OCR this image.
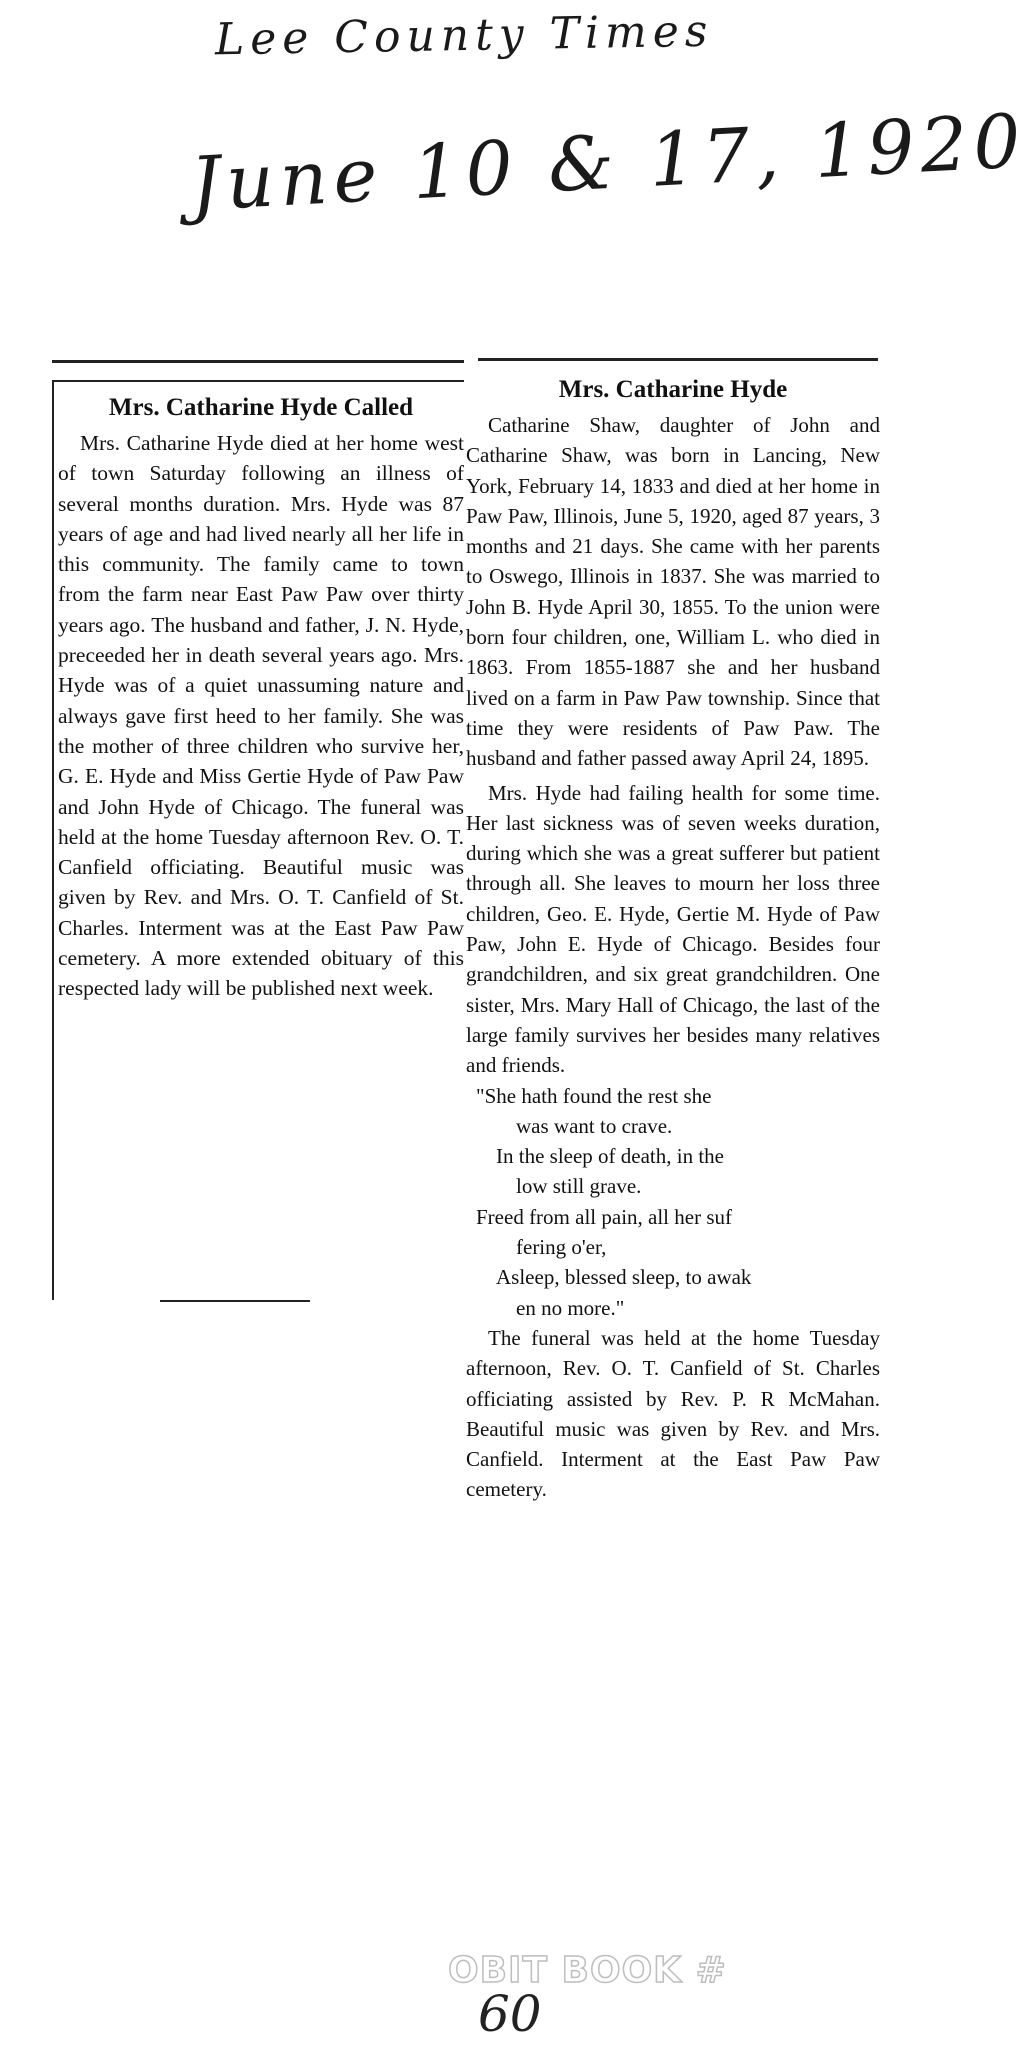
Lee County Times
June 10 & 17, 1920

Mrs. Catharine Hyde Called

Mrs. Catharine Hyde died at her home west of town Saturday following an illness of several months duration. Mrs. Hyde was 87 years of age and had lived nearly all her life in this community. The family came to town from the farm near East Paw Paw over thirty years ago. The husband and father, J. N. Hyde, preceeded her in death several years ago. Mrs. Hyde was of a quiet unassuming nature and always gave first heed to her family. She was the mother of three children who survive her, G. E. Hyde and Miss Gertie Hyde of Paw Paw and John Hyde of Chicago. The funeral was held at the home Tuesday afternoon Rev. O. T. Canfield officiating. Beautiful music was given by Rev. and Mrs. O. T. Canfield of St. Charles. Interment was at the East Paw Paw cemetery. A more extended obituary of this respected lady will be published next week.

Mrs. Catharine Hyde

Catharine Shaw, daughter of John and Catharine Shaw, was born in Lancing, New York, February 14, 1833 and died at her home in Paw Paw, Illinois, June 5, 1920, aged 87 years, 3 months and 21 days. She came with her parents to Oswego, Illinois in 1837. She was married to John B. Hyde April 30, 1855. To the union were born four children, one, William L. who died in 1863. From 1855-1887 she and her husband lived on a farm in Paw Paw township. Since that time they were residents of Paw Paw. The husband and father passed away April 24, 1895.

Mrs. Hyde had failing health for some time. Her last sickness was of seven weeks duration, during which she was a great sufferer but patient through all. She leaves to mourn her loss three children, Geo. E. Hyde, Gertie M. Hyde of Paw Paw, John E. Hyde of Chicago. Besides four grandchildren, and six great grandchildren. One sister, Mrs. Mary Hall of Chicago, the last of the large family survives her besides many relatives and friends.

"She hath found the rest she
was want to crave.
In the sleep of death, in the
low still grave.
Freed from all pain, all her suf
fering o'er,
Asleep, blessed sleep, to awak
en no more."

The funeral was held at the home Tuesday afternoon, Rev. O. T. Canfield of St. Charles officiating assisted by Rev. P. R McMahan. Beautiful music was given by Rev. and Mrs. Canfield. Interment at the East Paw Paw cemetery.

OBIT BOOK #
60
